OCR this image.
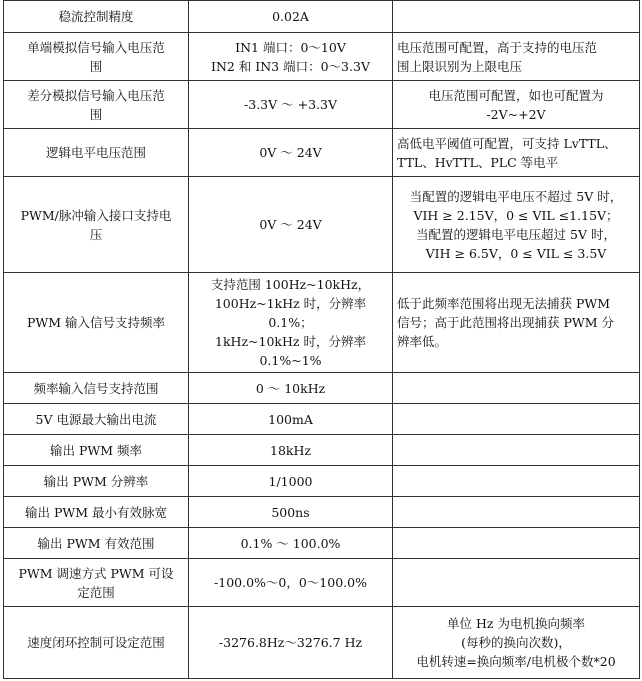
稳流控制精度	0.02A	

单端模拟信号输入电压范
围	IN1 端口：0～10V
IN2 和 IN3 端口：0～3.3V	电压范围可配置，高于支持的电压范
围上限识别为上限电压

差分模拟信号输入电压范
围	-3.3V ～ +3.3V	电压范围可配置，如也可配置为
-2V~+2V

逻辑电平电压范围	0V ～ 24V	高低电平阈值可配置，可支持 LvTTL、
TTL、HvTTL、PLC 等电平

PWM/脉冲输入接口支持电
压	0V ～ 24V	当配置的逻辑电平电压不超过 5V 时，
VIH ≥ 2.15V，0 ≤ VIL ≤1.15V；
当配置的逻辑电平电压超过 5V 时，
VIH ≥ 6.5V，0 ≤ VIL ≤ 3.5V

PWM 输入信号支持频率	支持范围 100Hz~10kHz，
100Hz~1kHz 时，分辨率 0.1%；
1kHz~10kHz 时，分辨率
0.1%~1%	低于此频率范围将出现无法捕获 PWM
信号；高于此范围将出现捕获 PWM 分
辨率低。

频率输入信号支持范围	0 ～ 10kHz	

5V 电源最大输出电流	100mA	

输出 PWM 频率	18kHz	

输出 PWM 分辨率	1/1000	

输出 PWM 最小有效脉宽	500ns	

输出 PWM 有效范围	0.1% ～ 100.0%	

PWM 调速方式 PWM 可设
定范围	-100.0%～0，0～100.0%	

速度闭环控制可设定范围	-3276.8Hz～3276.7 Hz	单位 Hz 为电机换向频率
(每秒的换向次数)，
电机转速=换向频率/电机极个数*20
